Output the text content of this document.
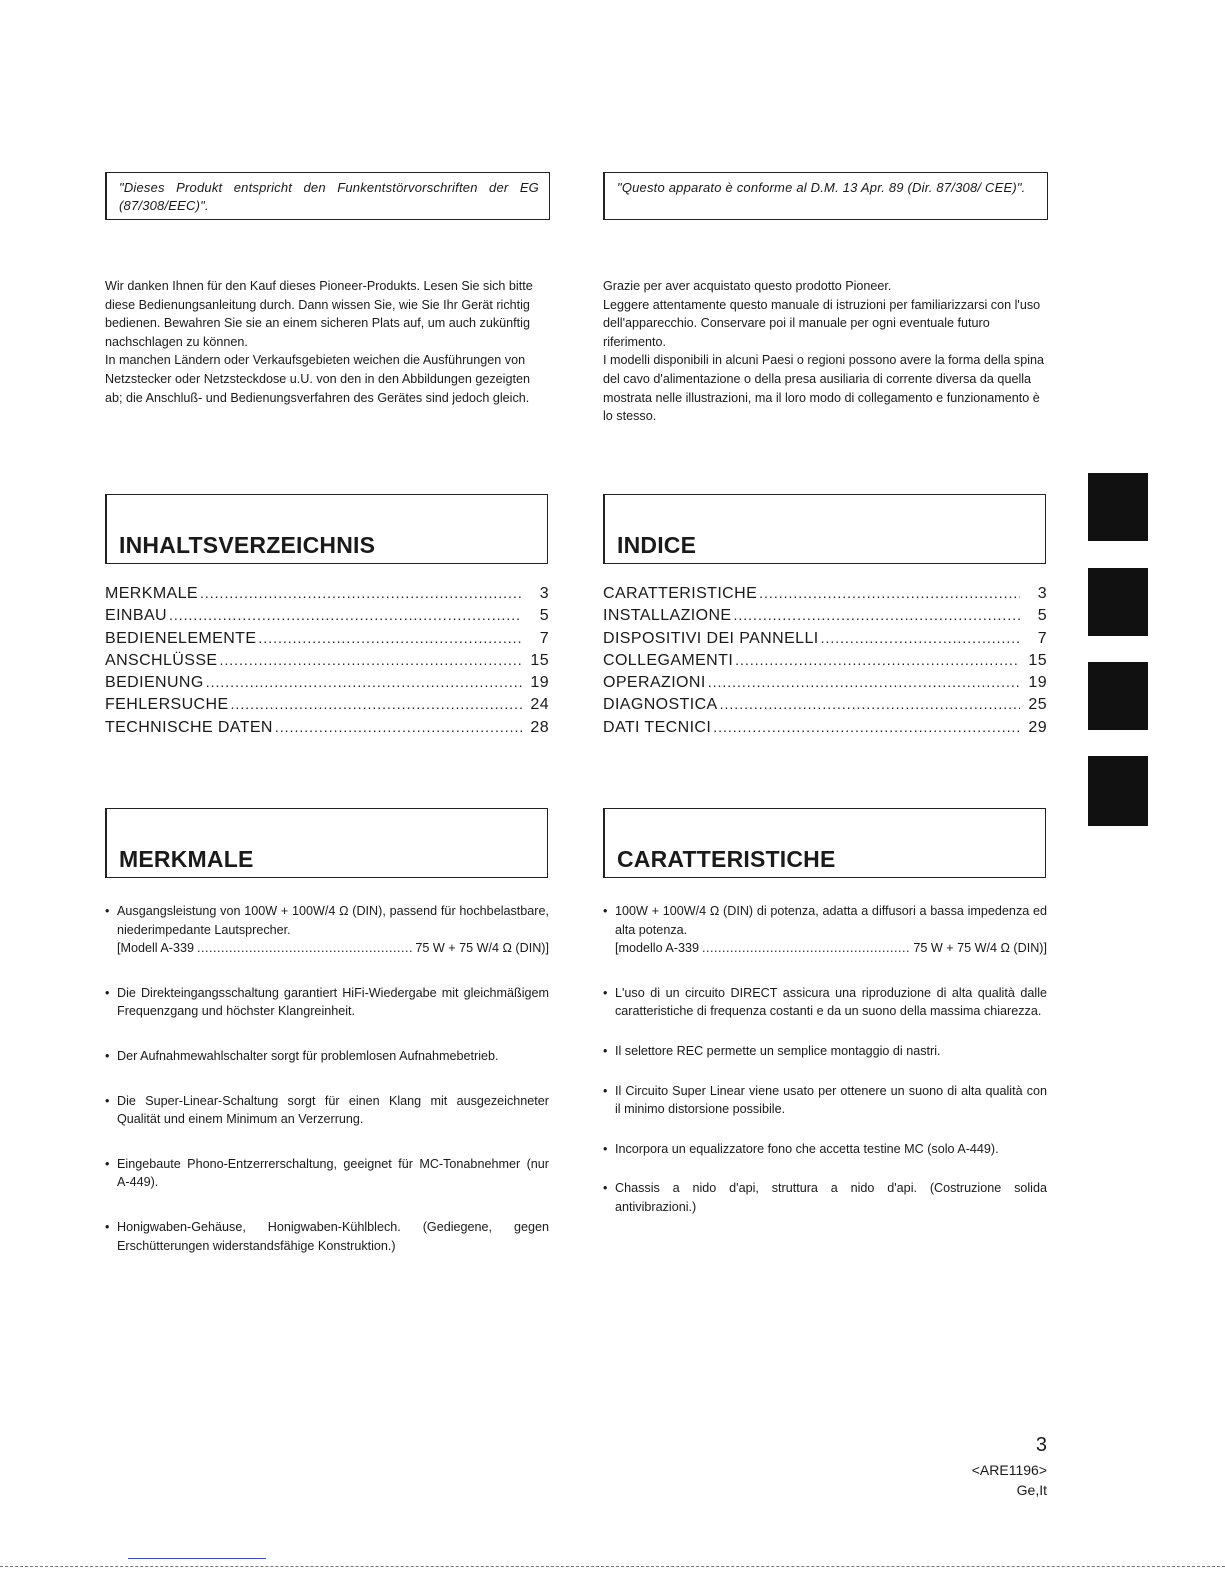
"Dieses Produkt entspricht den Funkentstörvorschriften der EG (87/308/EEC)".

Wir danken Ihnen für den Kauf dieses Pioneer-Produkts. Lesen Sie sich bitte diese Bedienungsanleitung durch. Dann wissen Sie, wie Sie Ihr Gerät richtig bedienen. Bewahren Sie sie an einem sicheren Plats auf, um auch zukünftig nachschlagen zu können.

In manchen Ländern oder Verkaufsgebieten weichen die Ausführungen von Netzstecker oder Netzsteckdose u.U. von den in den Abbildungen gezeigten ab; die Anschluß- und Bedienungsverfahren des Gerätes sind jedoch gleich.

INHALTSVERZEICHNIS
MERKMALE .....	3
EINBAU .....	5
BEDIENELEMENTE .....	7
ANSCHLÜSSE .....	15
BEDIENUNG .....	19
FEHLERSUCHE .....	24
TECHNISCHE DATEN .....	28
MERKMALE
• Ausgangsleistung von 100W + 100W/4 Ω (DIN), passend für hochbelastbare, niederimpedante Lautsprecher.
[Modell A-339 .....	75 W + 75 W/4 Ω (DIN)]
• Die Direkteingangsschaltung garantiert HiFi-Wiedergabe mit gleichmäßigem Frequenzgang und höchster Klangreinheit.
• Der Aufnahmewahlschalter sorgt für problemlosen Aufnahmebetrieb.
• Die Super-Linear-Schaltung sorgt für einen Klang mit ausgezeichneter Qualität und einem Minimum an Verzerrung.
• Eingebaute Phono-Entzerrerschaltung, geeignet für MC-Tonabnehmer (nur A-449).
• Honigwaben-Gehäuse, Honigwaben-Kühlblech. (Gediegene, gegen Erschütterungen widerstandsfähige Konstruktion.)
"Questo apparato è conforme al D.M. 13 Apr. 89 (Dir. 87/308/ CEE)".

Grazie per aver acquistato questo prodotto Pioneer.

Leggere attentamente questo manuale di istruzioni per familiarizzarsi con l'uso dell'apparecchio. Conservare poi il manuale per ogni eventuale futuro riferimento.

I modelli disponibili in alcuni Paesi o regioni possono avere la forma della spina del cavo d'alimentazione o della presa ausiliaria di corrente diversa da quella mostrata nelle illustrazioni, ma il loro modo di collegamento e funzionamento è lo stesso.

INDICE
CARATTERISTICHE .....	3
INSTALLAZIONE .....	5
DISPOSITIVI DEI PANNELLI .....	7
COLLEGAMENTI .....	15
OPERAZIONI .....	19
DIAGNOSTICA .....	25
DATI TECNICI .....	29
CARATTERISTICHE
• 100W + 100W/4 Ω (DIN) di potenza, adatta a diffusori a bassa impedenza ed alta potenza.
[modello A-339 .....	75 W + 75 W/4 Ω (DIN)]
• L'uso di un circuito DIRECT assicura una riproduzione di alta qualità dalle caratteristiche di frequenza costanti e da un suono della massima chiarezza.
• Il selettore REC permette un semplice montaggio di nastri.
• Il Circuito Super Linear viene usato per ottenere un suono di alta qualità con il minimo distorsione possibile.
• Incorpora un equalizzatore fono che accetta testine MC (solo A-449).
• Chassis a nido d'api, struttura a nido d'api. (Costruzione solida antivibrazioni.)
3
<ARE1196>
Ge,It
